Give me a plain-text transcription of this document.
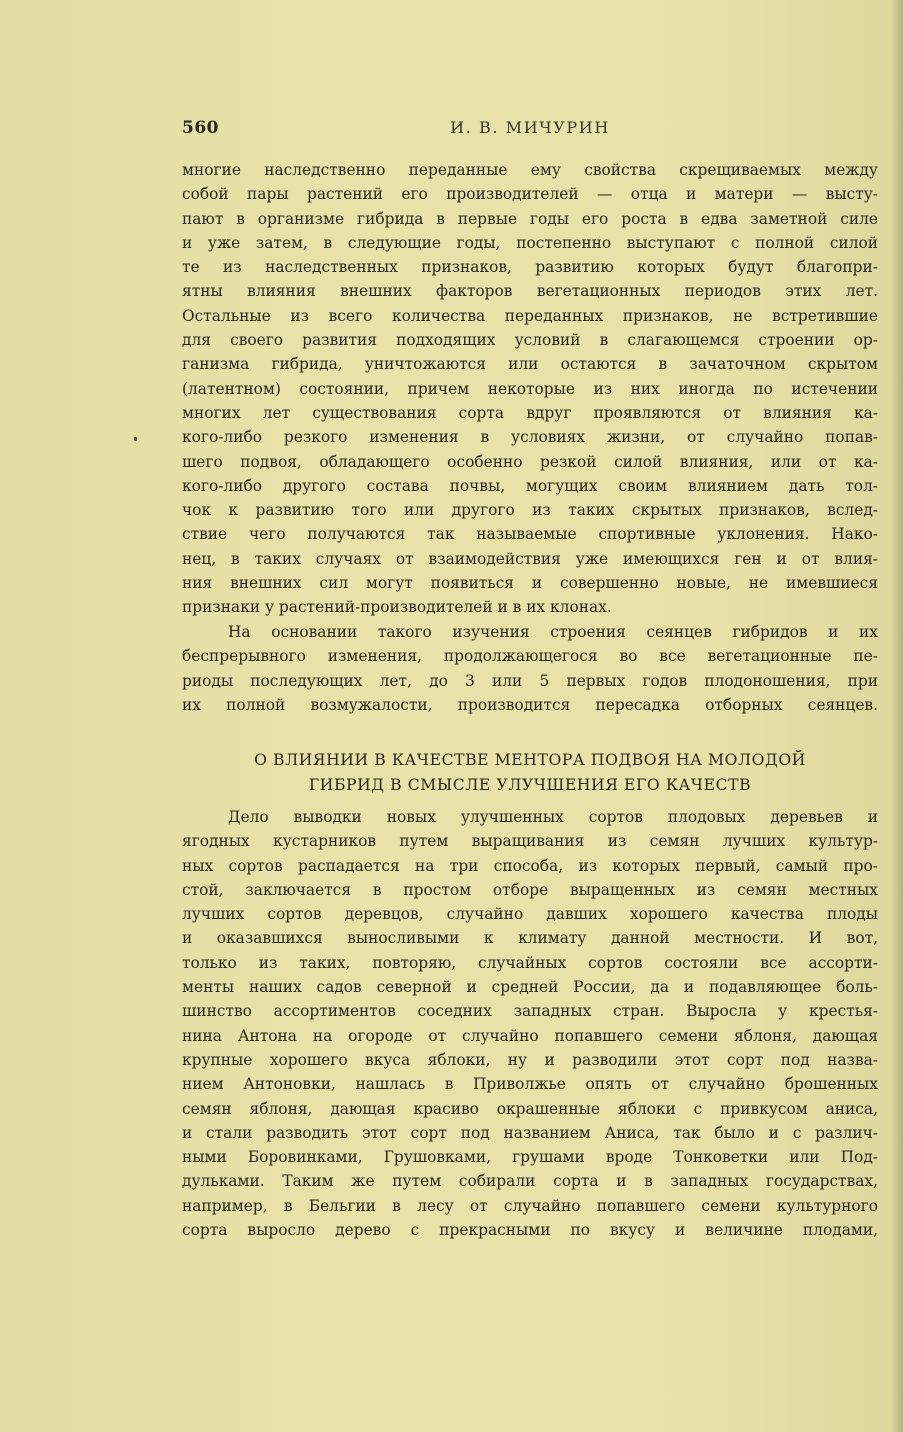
560	И. В. МИЧУРИН
многие наследственно переданные ему свойства скрещиваемых между
собой пары растений его производителей — отца и матери — высту-
пают в организме гибрида в первые годы его роста в едва заметной силе
и уже затем, в следующие годы, постепенно выступают с полной силой
те из наследственных признаков, развитию которых будут благопри-
ятны влияния внешних факторов вегетационных периодов этих лет.
Остальные из всего количества переданных признаков, не встретившие
для своего развития подходящих условий в слагающемся строении ор-
ганизма гибрида, уничтожаются или остаются в зачаточном скрытом
(латентном) состоянии, причем некоторые из них иногда по истечении
многих лет существования сорта вдруг проявляются от влияния ка-
кого-либо резкого изменения в условиях жизни, от случайно попав-
шего подвоя, обладающего особенно резкой силой влияния, или от ка-
кого-либо другого состава почвы, могущих своим влиянием дать тол-
чок к развитию того или другого из таких скрытых признаков, вслед-
ствие чего получаются так называемые спортивные уклонения. Нако-
нец, в таких случаях от взаимодействия уже имеющихся ген и от влия-
ния внешних сил могут появиться и совершенно новые, не имевшиеся
признаки у растений-производителей и в их клонах.
На основании такого изучения строения сеянцев гибридов и их
беспрерывного изменения, продолжающегося во все вегетационные пе-
риоды последующих лет, до 3 или 5 первых годов плодоношения, при
их полной возмужалости, производится пересадка отборных сеянцев.
О ВЛИЯНИИ В КАЧЕСТВЕ МЕНТОРА ПОДВОЯ НА МОЛОДОЙ
ГИБРИД В СМЫСЛЕ УЛУЧШЕНИЯ ЕГО КАЧЕСТВ
Дело выводки новых улучшенных сортов плодовых деревьев и
ягодных кустарников путем выращивания из семян лучших культур-
ных сортов распадается на три способа, из которых первый, самый про-
стой, заключается в простом отборе выращенных из семян местных
лучших сортов деревцов, случайно давших хорошего качества плоды
и оказавшихся выносливыми к климату данной местности. И вот,
только из таких, повторяю, случайных сортов состояли все ассорти-
менты наших садов северной и средней России, да и подавляющее боль-
шинство ассортиментов соседних западных стран. Выросла у крестья-
нина Антона на огороде от случайно попавшего семени яблоня, дающая
крупные хорошего вкуса яблоки, ну и разводили этот сорт под назва-
нием Антоновки, нашлась в Приволжье опять от случайно брошенных
семян яблоня, дающая красиво окрашенные яблоки с привкусом аниса,
и стали разводить этот сорт под названием Аниса, так было и с различ-
ными Боровинками, Грушовками, грушами вроде Тонковетки или Под-
дульками. Таким же путем собирали сорта и в западных государствах,
например, в Бельгии в лесу от случайно попавшего семени культурного
сорта выросло дерево с прекрасными по вкусу и величине плодами,
